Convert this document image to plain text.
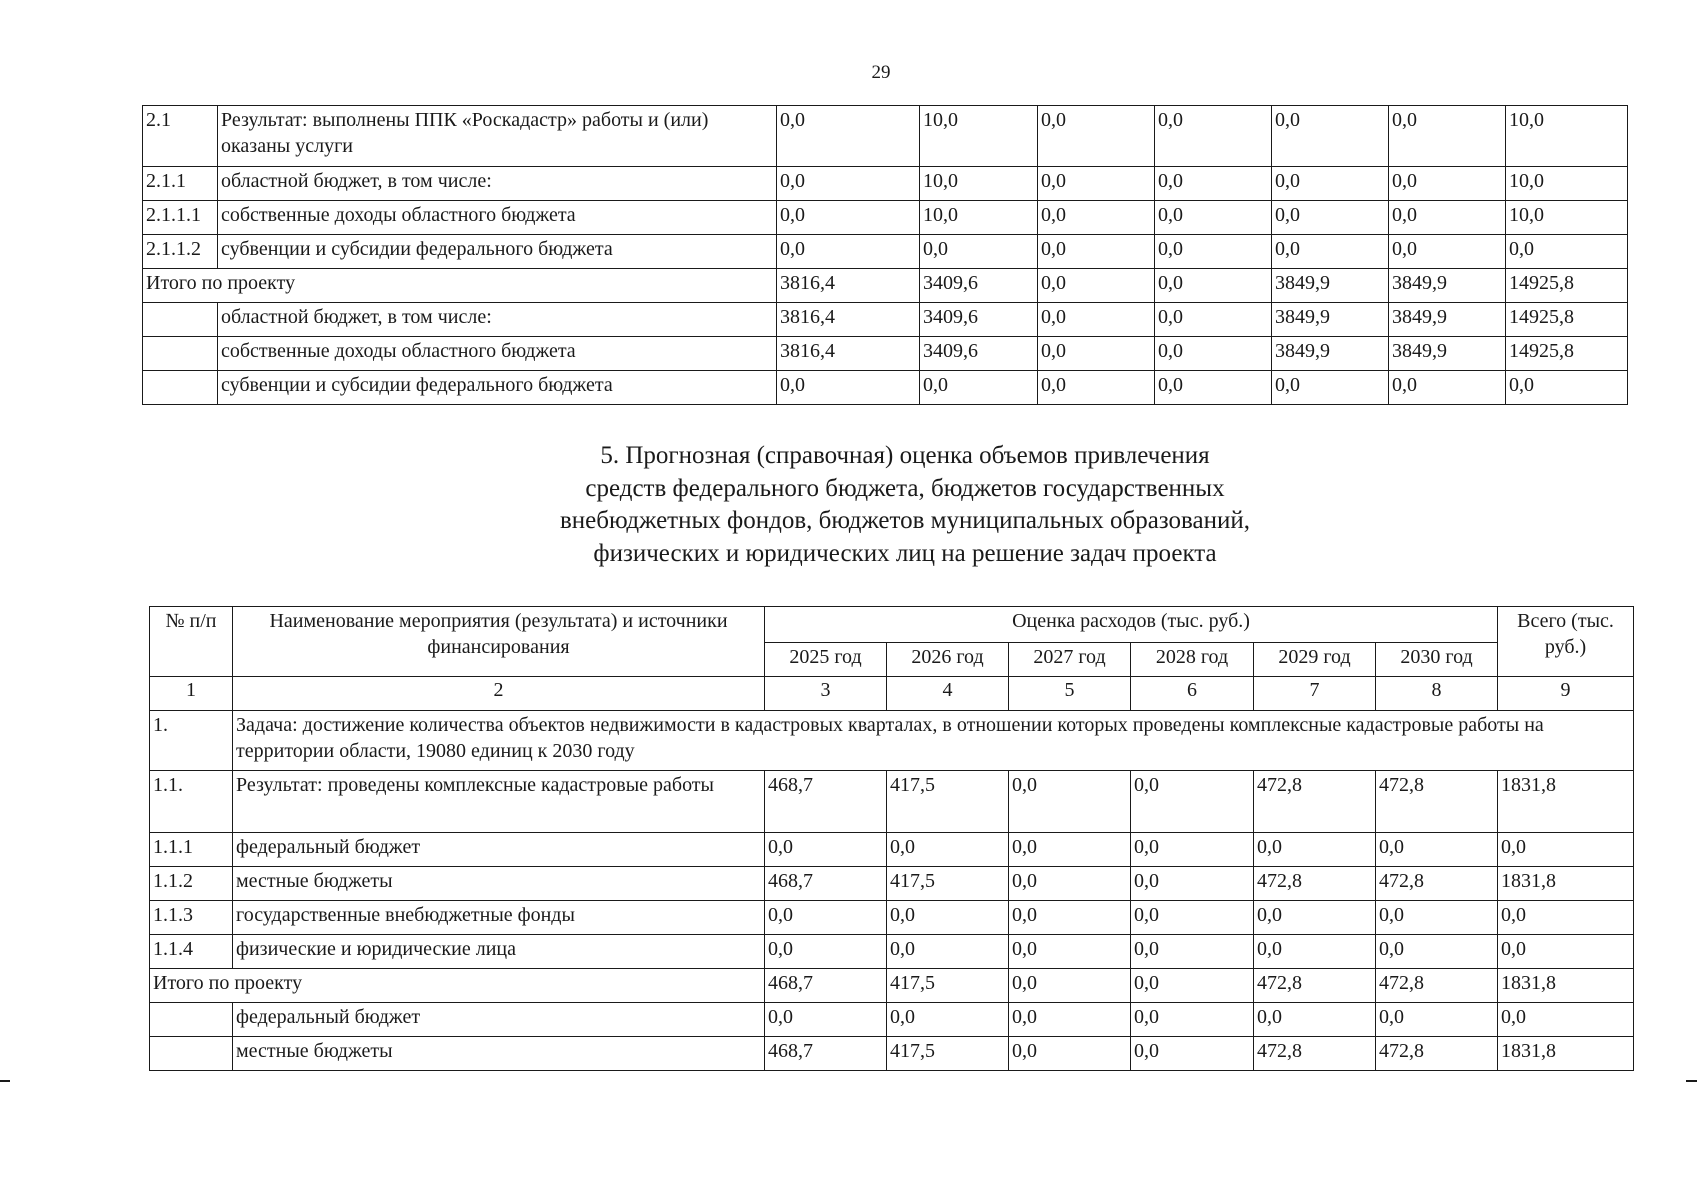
29
2.1	Результат: выполнены ППК «Роскадастр» работы и (или) оказаны услуги	0,0	10,0	0,0	0,0	0,0	0,0	10,0
2.1.1	областной бюджет, в том числе:	0,0	10,0	0,0	0,0	0,0	0,0	10,0
2.1.1.1	собственные доходы областного бюджета	0,0	10,0	0,0	0,0	0,0	0,0	10,0
2.1.1.2	субвенции и субсидии федерального бюджета	0,0	0,0	0,0	0,0	0,0	0,0	0,0
Итого по проекту		3816,4	3409,6	0,0	0,0	3849,9	3849,9	14925,8
	областной бюджет, в том числе:	3816,4	3409,6	0,0	0,0	3849,9	3849,9	14925,8
	собственные доходы областного бюджета	3816,4	3409,6	0,0	0,0	3849,9	3849,9	14925,8
	субвенции и субсидии федерального бюджета	0,0	0,0	0,0	0,0	0,0	0,0	0,0
5. Прогнозная (справочная) оценка объемов привлечения
средств федерального бюджета, бюджетов государственных
внебюджетных фондов, бюджетов муниципальных образований,
физических и юридических лиц на решение задач проекта
№ п/п	Наименование мероприятия (результата) и источники финансирования	Оценка расходов (тыс. руб.)						Всего (тыс. руб.)
		2025 год	2026 год	2027 год	2028 год	2029 год	2030 год	
1	2	3	4	5	6	7	8	9
1.	Задача: достижение количества объектов недвижимости в кадастровых кварталах, в отношении которых проведены комплексные кадастровые работы на территории области, 19080 единиц к 2030 году							
1.1.	Результат: проведены комплексные кадастровые работы	468,7	417,5	0,0	0,0	472,8	472,8	1831,8
1.1.1	федеральный бюджет	0,0	0,0	0,0	0,0	0,0	0,0	0,0
1.1.2	местные бюджеты	468,7	417,5	0,0	0,0	472,8	472,8	1831,8
1.1.3	государственные внебюджетные фонды	0,0	0,0	0,0	0,0	0,0	0,0	0,0
1.1.4	физические и юридические лица	0,0	0,0	0,0	0,0	0,0	0,0	0,0
Итого по проекту		468,7	417,5	0,0	0,0	472,8	472,8	1831,8
	федеральный бюджет	0,0	0,0	0,0	0,0	0,0	0,0	0,0
	местные бюджеты	468,7	417,5	0,0	0,0	472,8	472,8	1831,8
